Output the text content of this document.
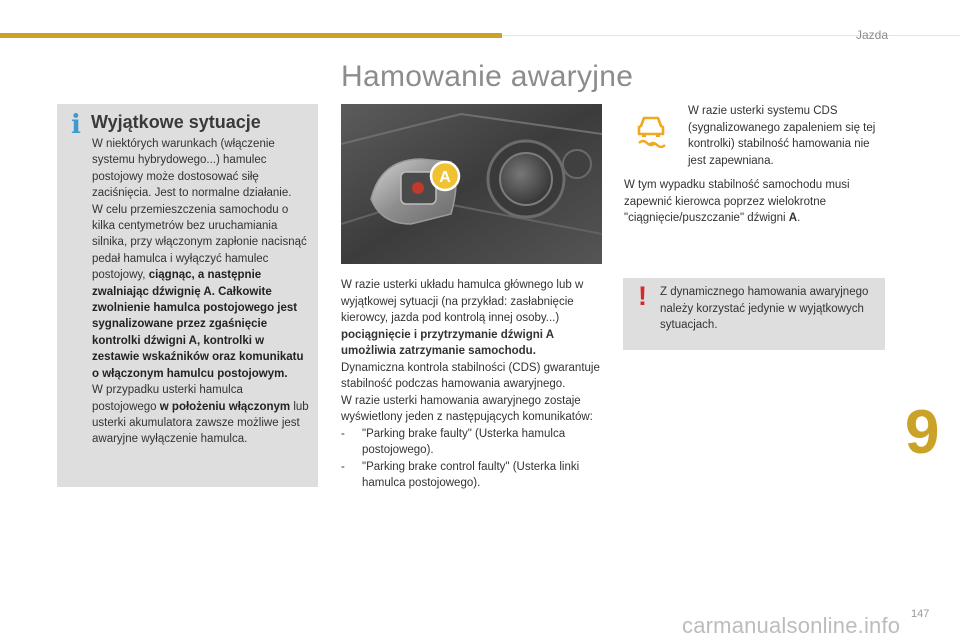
Jazda
Hamowanie awaryjne
i Wyjątkowe sytuacje
W niektórych warunkach (włączenie systemu hybrydowego...) hamulec postojowy może dostosować siłę zaciśnięcia. Jest to normalne działanie.
W celu przemieszczenia samochodu o kilka centymetrów bez uruchamiania silnika, przy włączonym zapłonie nacisnąć pedał hamulca i wyłączyć hamulec postojowy, ciągnąc, a następnie zwalniając dźwignię A. Całkowite zwolnienie hamulca postojowego jest sygnalizowane przez zgaśnięcie kontrolki dźwigni A, kontrolki w zestawie wskaźników oraz komunikatu o włączonym hamulcu postojowym.
W przypadku usterki hamulca postojowego w położeniu włączonym lub usterki akumulatora zawsze możliwe jest awaryjne wyłączenie hamulca.
A

W razie usterki układu hamulca głównego lub w wyjątkowej sytuacji (na przykład: zasłabnięcie kierowcy, jazda pod kontrolą innej osoby...) pociągnięcie i przytrzymanie dźwigni A umożliwia zatrzymanie samochodu.

Dynamiczna kontrola stabilności (CDS) gwarantuje stabilność podczas hamowania awaryjnego.

W razie usterki hamowania awaryjnego zostaje wyświetlony jeden z następujących komunikatów:

- "Parking brake faulty" (Usterka hamulca postojowego).

- "Parking brake control faulty" (Usterka linki hamulca postojowego).

W razie usterki systemu CDS (sygnalizowanego zapaleniem się tej kontrolki) stabilność hamowania nie jest zapewniana.
W tym wypadku stabilność samochodu musi zapewnić kierowca poprzez wielokrotne "ciągnięcie/puszczanie" dźwigni A.
! Z dynamicznego hamowania awaryjnego należy korzystać jedynie w wyjątkowych sytuacjach.
9
carmanualsonline.info 147
